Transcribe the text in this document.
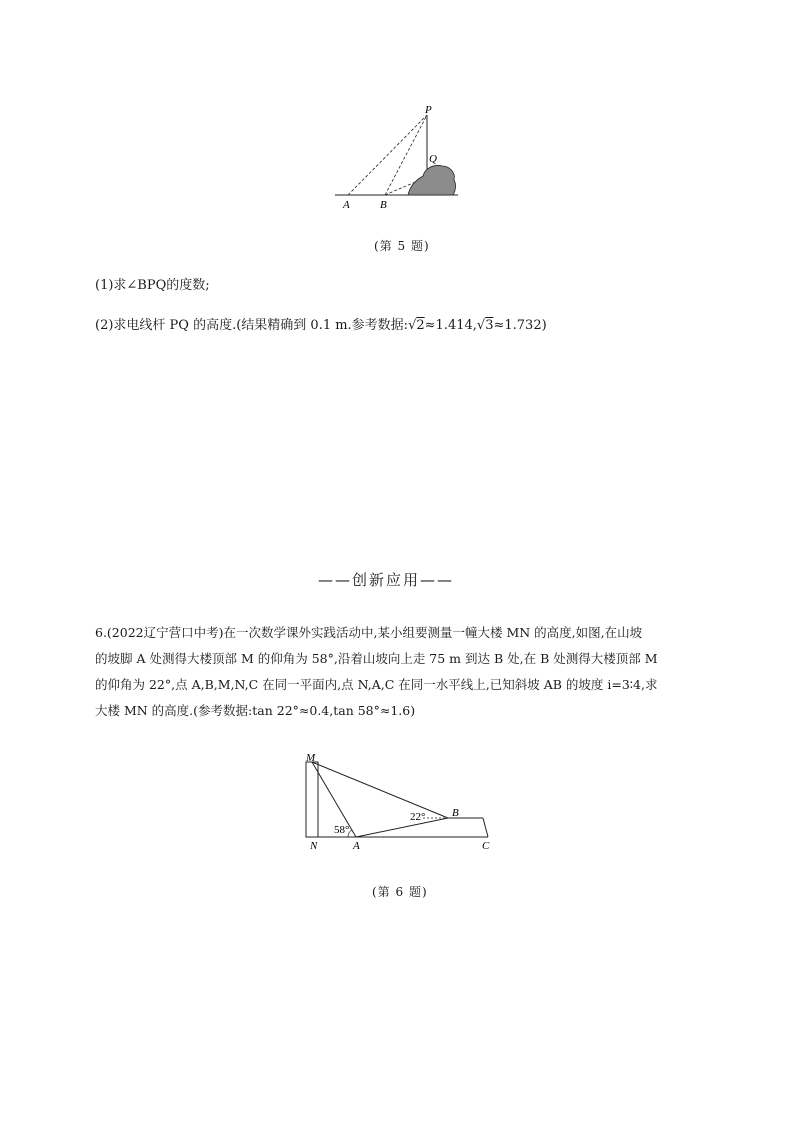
P
Q
A	B
(第 5 题)
(1)求∠BPQ的度数;
(2)求电线杆 PQ 的高度.(结果精确到 0.1 m.参考数据:√2≈1.414,√3≈1.732)
——创新应用——
6.(2022辽宁营口中考)在一次数学课外实践活动中,某小组要测量一幢大楼 MN 的高度,如图,在山坡
的坡脚 A 处测得大楼顶部 M 的仰角为 58°,沿着山坡向上走 75 m 到达 B 处,在 B 处测得大楼顶部 M
的仰角为 22°,点 A,B,M,N,C 在同一平面内,点 N,A,C 在同一水平线上,已知斜坡 AB 的坡度 i=3∶4,求
大楼 MN 的高度.(参考数据:tan 22°≈0.4,tan 58°≈1.6)
M
N	A
B
C
58°
22°
(第 6 题)
